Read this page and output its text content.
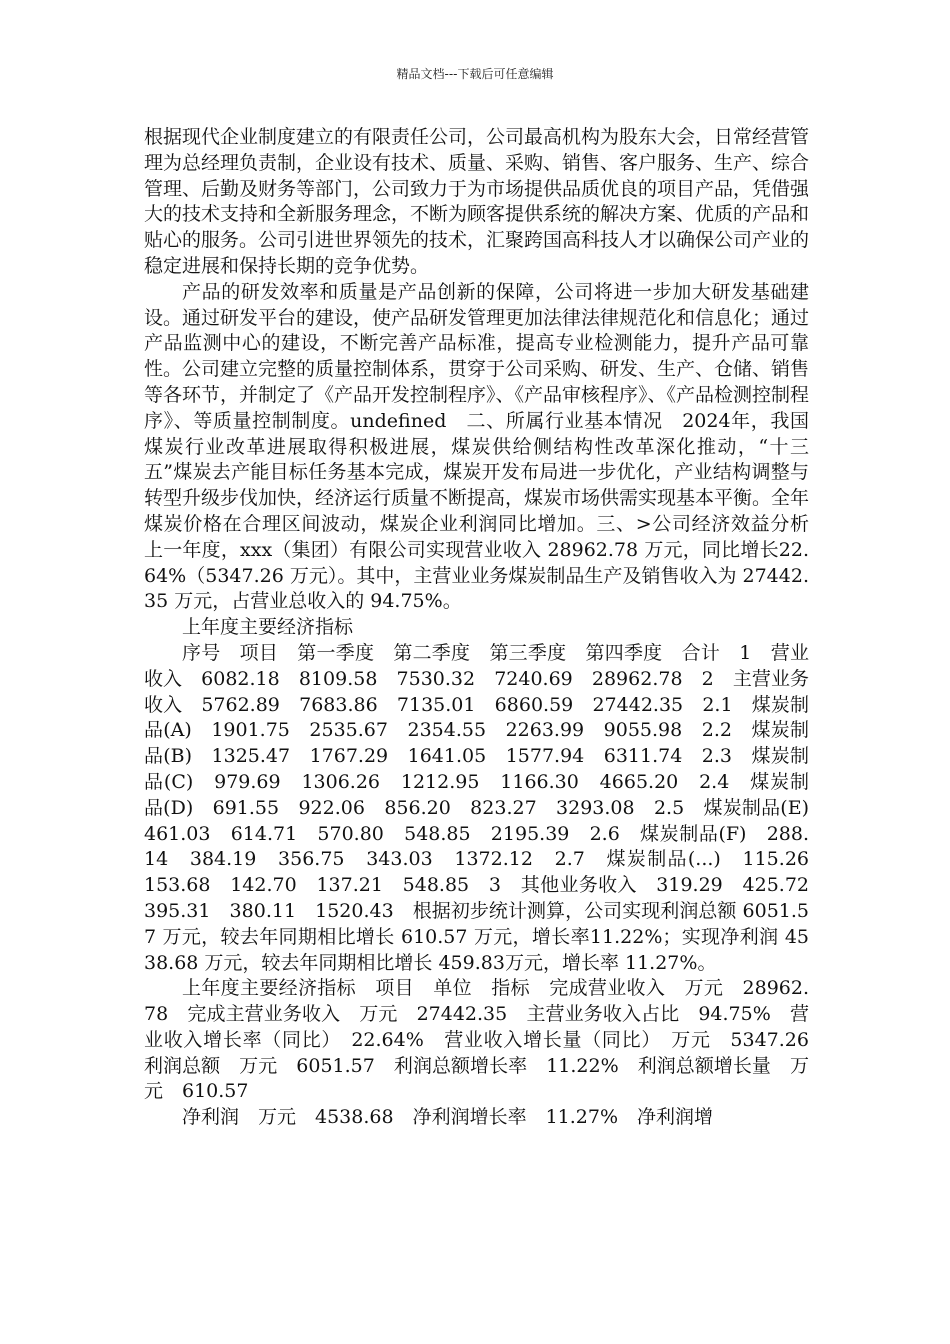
精品文档---下载后可任意编辑

根据现代企业制度建立的有限责任公司，公司最高机构为股东大会，日常经营管理为总经理负责制，企业设有技术、质量、采购、销售、客户服务、生产、综合管理、后勤及财务等部门，公司致力于为市场提供品质优良的项目产品，凭借强大的技术支持和全新服务理念，不断为顾客提供系统的解决方案、优质的产品和贴心的服务。公司引进世界领先的技术，汇聚跨国高科技人才以确保公司产业的稳定进展和保持长期的竞争优势。

产品的研发效率和质量是产品创新的保障，公司将进一步加大研发基础建设。通过研发平台的建设，使产品研发管理更加法律法律规范化和信息化；通过产品监测中心的建设，不断完善产品标准，提高专业检测能力，提升产品可靠性。公司建立完整的质量控制体系，贯穿于公司采购、研发、生产、仓储、销售等各环节，并制定了《产品开发控制程序》、《产品审核程序》、《产品检测控制程序》、等质量控制制度。undefined　二、所属行业基本情况　2024年，我国煤炭行业改革进展取得积极进展，煤炭供给侧结构性改革深化推动，“十三五”煤炭去产能目标任务基本完成，煤炭开发布局进一步优化，产业结构调整与转型升级步伐加快，经济运行质量不断提高，煤炭市场供需实现基本平衡。全年煤炭价格在合理区间波动，煤炭企业利润同比增加。三、>公司经济效益分析　上一年度，xxx（集团）有限公司实现营业收入 28962.78 万元，同比增长22.64%（5347.26 万元）。其中，主营业业务煤炭制品生产及销售收入为 27442.35 万元，占营业总收入的 94.75%。

上年度主要经济指标

序号　项目　第一季度　第二季度　第三季度　第四季度　合计　1　营业收入　6082.18　8109.58　7530.32　7240.69　28962.78　2　主营业务收入　5762.89　7683.86　7135.01　6860.59　27442.35　2.1　煤炭制品(A)　1901.75　2535.67　2354.55　2263.99　9055.98　2.2　煤炭制品(B)　1325.47　1767.29　1641.05　1577.94　6311.74　2.3　煤炭制品(C)　979.69　1306.26　1212.95　1166.30　4665.20　2.4　煤炭制品(D)　691.55　922.06　856.20　823.27　3293.08　2.5　煤炭制品(E)　461.03　614.71　570.80　548.85　2195.39　2.6　煤炭制品(F)　288.14　384.19　356.75　343.03　1372.12　2.7　煤炭制品(...)　115.26　153.68　142.70　137.21　548.85　3　其他业务收入　319.29　425.72　395.31　380.11　1520.43　根据初步统计测算，公司实现利润总额 6051.57 万元，较去年同期相比增长 610.57 万元，增长率11.22%；实现净利润 4538.68 万元，较去年同期相比增长 459.83万元，增长率 11.27%。

上年度主要经济指标　项目　单位　指标　完成营业收入　万元　28962.78　完成主营业务收入　万元　27442.35　主营业务收入占比　94.75%　营业收入增长率（同比）　22.64%　营业收入增长量（同比）　万元　5347.26　利润总额　万元　6051.57　利润总额增长率　11.22%　利润总额增长量　万元　610.57

净利润　万元　4538.68　净利润增长率　11.27%　净利润增
